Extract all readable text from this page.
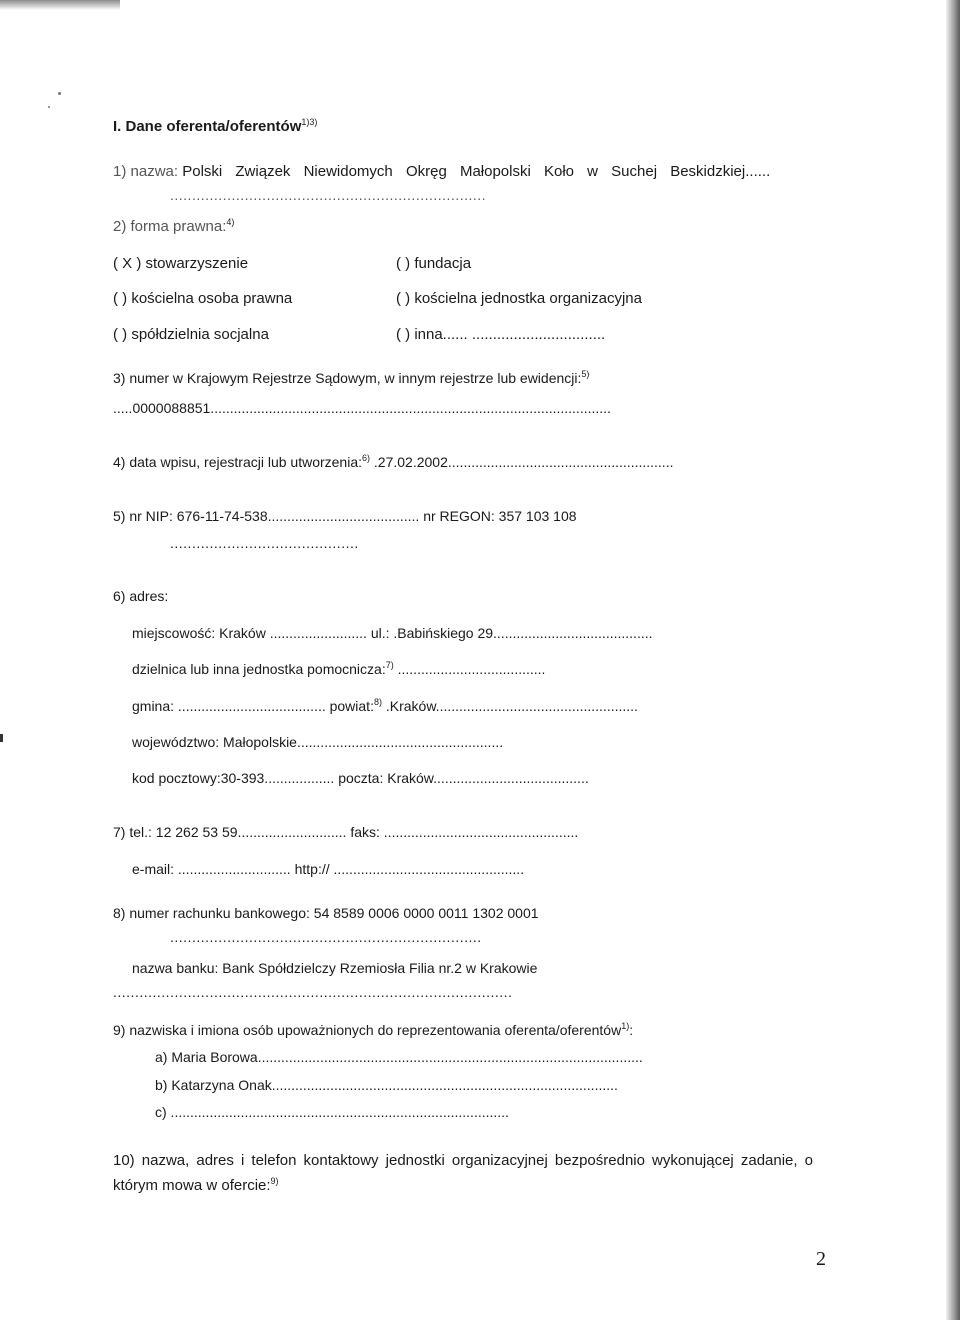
I. Dane oferenta/oferentów$^{1)3)}$
1) nazwa: Polski Związek Niewidomych Okręg Małopolski Koło w Suchej Beskidzkiej......
........................................................................
2) forma prawna:$^{4)}$
( X ) stowarzyszenie	( ) fundacja
( ) kościelna osoba prawna	( ) kościelna jednostka organizacyjna
( ) spółdzielnia socjalna	( ) inna...... ................................
3) numer w Krajowym Rejestrze Sądowym, w innym rejestrze lub ewidencji:$^{5)}$
.....0000088851.......................................................................................................
4) data wpisu, rejestracji lub utworzenia:$^{6)}$ .27.02.2002..........................................................
5) nr NIP: 676-11-74-538....................................... nr REGON: 357 103 108
...........................................
6) adres:
miejscowość: Kraków ......................... ul.: .Babińskiego 29.........................................
dzielnica lub inna jednostka pomocnicza:$^{7)}$ ......................................
gmina: ...................................... powiat:$^{8)}$ .Kraków....................................................
województwo: Małopolskie.....................................................
kod pocztowy:30-393.................. poczta: Kraków........................................
7) tel.: 12 262 53 59............................ faks: ..................................................
e-mail: ............................. http:// .................................................
8) numer rachunku bankowego: 54 8589 0006 0000 0011 1302 0001
.......................................................................
nazwa banku: Bank Spółdzielczy Rzemiosła Filia nr.2 w Krakowie
...........................................................................................
9) nazwiska i imiona osób upoważnionych do reprezentowania oferenta/oferentów$^{1)}$:
a) Maria Borowa...................................................................................................
b) Katarzyna Onak.........................................................................................
c) .......................................................................................
10) nazwa, adres i telefon kontaktowy jednostki organizacyjnej bezpośrednio wykonującej zadanie, o którym mowa w ofercie:$^{9)}$
2
